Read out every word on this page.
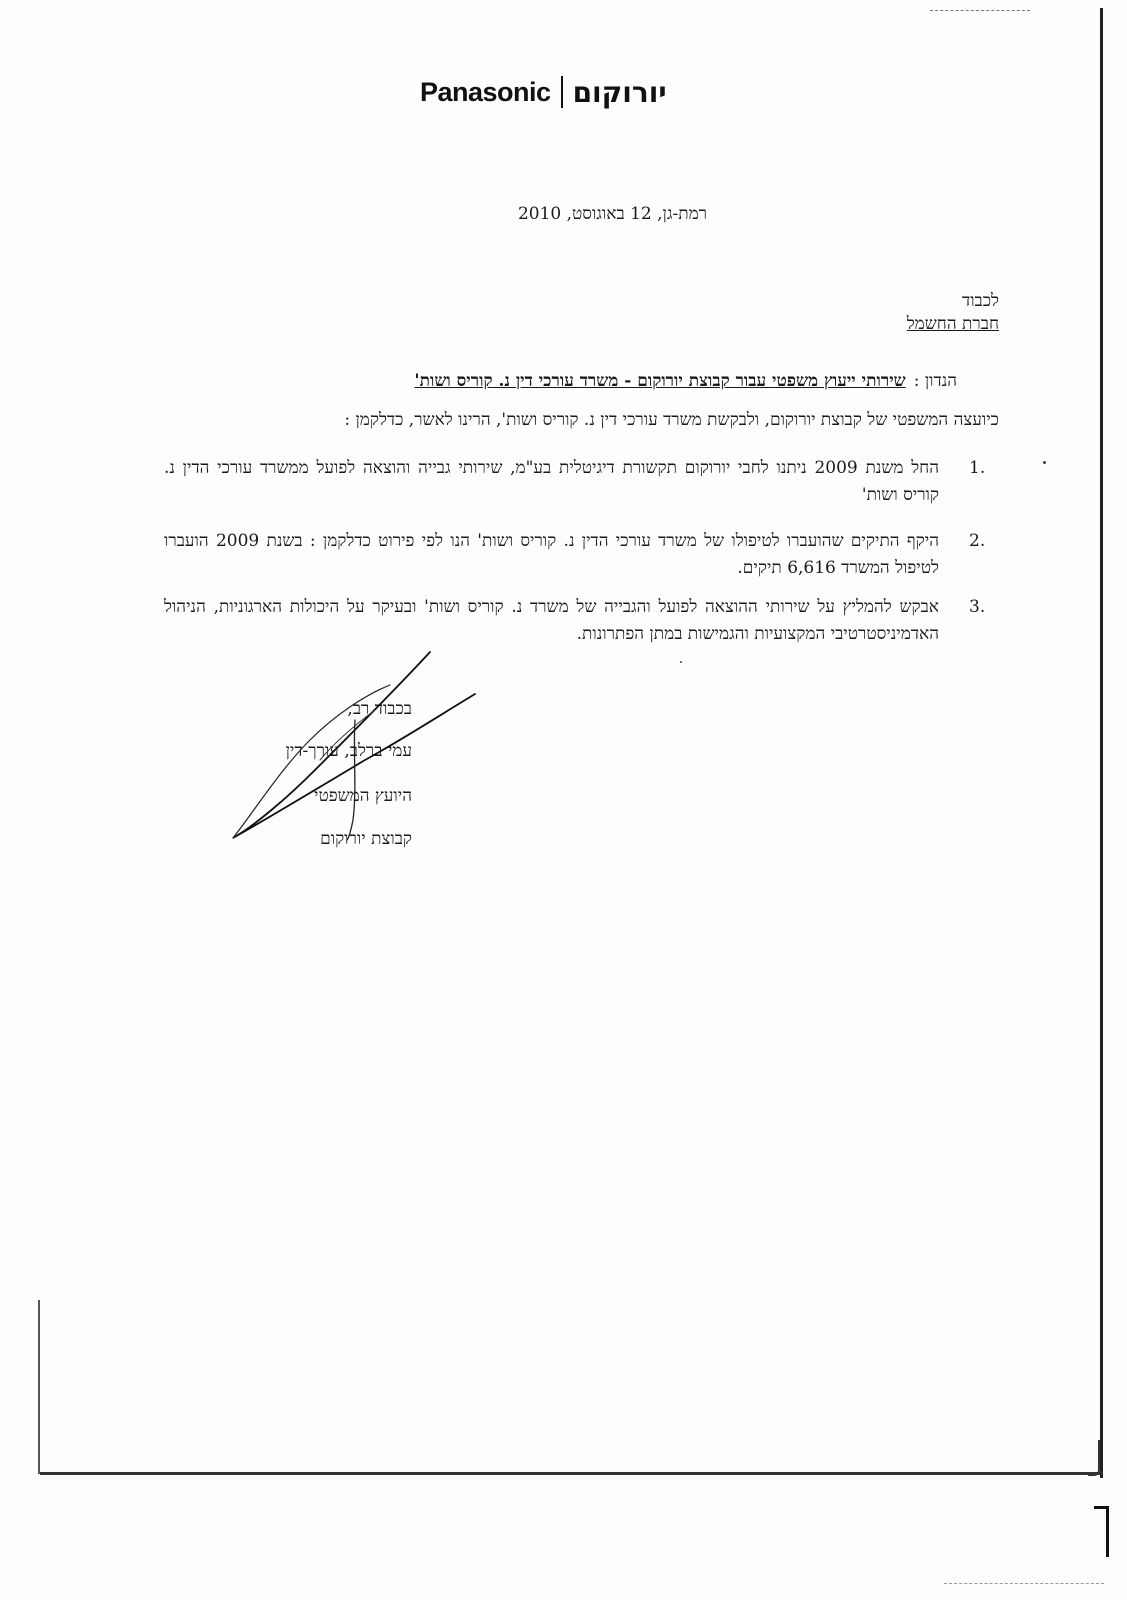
Panasonic יורוקום
רמת-גן, 12 באוגוסט, 2010
לכבוד
חברת החשמל
הנדון :
שירותי ייעוץ משפטי עבור קבוצת יורוקום - משרד עורכי דין נ. קוריס ושות'
כיועצה המשפטי של קבוצת יורוקום, ולבקשת משרד עורכי דין נ. קוריס ושות', הרינו לאשר, כדלקמן :
1.
החל משנת 2009 ניתנו לחבי יורוקום תקשורת דיגיטלית בע"מ, שירותי גבייה והוצאה לפועל ממשרד עורכי הדין נ. קוריס ושות'
2.
היקף התיקים שהועברו לטיפולו של משרד עורכי הדין נ. קוריס ושות' הנו לפי פירוט כדלקמן : בשנת 2009 הועברו לטיפול המשרד 6,616 תיקים.
3.
אבקש להמליץ על שירותי ההוצאה לפועל והגבייה של משרד נ. קוריס ושות' ובעיקר על היכולות הארגוניות, הניהול האדמיניסטרטיבי המקצועיות והגמישות במתן הפתרונות.
בכבוד רב,
עמי ברלב, עורך-דין
היועץ המשפטי
קבוצת יורוקום
